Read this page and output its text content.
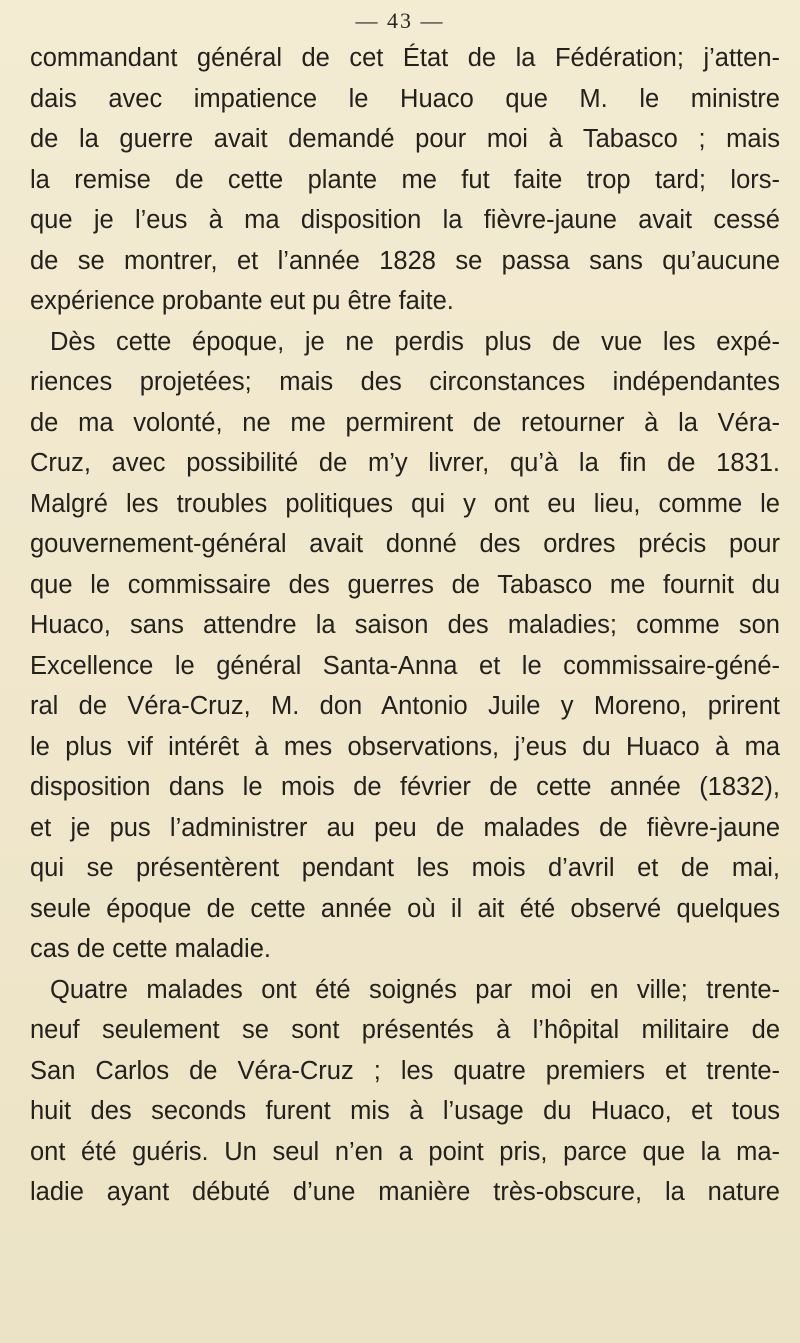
— 43 —
commandant général de cet État de la Fédération; j’atten-
dais avec impatience le Huaco que M. le ministre
de la guerre avait demandé pour moi à Tabasco ; mais
la remise de cette plante me fut faite trop tard; lors-
que je l’eus à ma disposition la fièvre-jaune avait cessé
de se montrer, et l’année 1828 se passa sans qu’aucune
expérience probante eut pu être faite.
Dès cette époque, je ne perdis plus de vue les expé-
riences projetées; mais des circonstances indépendantes
de ma volonté, ne me permirent de retourner à la Véra-
Cruz, avec possibilité de m’y livrer, qu’à la fin de 1831.
Malgré les troubles politiques qui y ont eu lieu, comme le
gouvernement-général avait donné des ordres précis pour
que le commissaire des guerres de Tabasco me fournit du
Huaco, sans attendre la saison des maladies; comme son
Excellence le général Santa-Anna et le commissaire-géné-
ral de Véra-Cruz, M. don Antonio Juile y Moreno, prirent
le plus vif intérêt à mes observations, j’eus du Huaco à ma
disposition dans le mois de février de cette année (1832),
et je pus l’administrer au peu de malades de fièvre-jaune
qui se présentèrent pendant les mois d’avril et de mai,
seule époque de cette année où il ait été observé quelques
cas de cette maladie.
Quatre malades ont été soignés par moi en ville; trente-
neuf seulement se sont présentés à l’hôpital militaire de
San Carlos de Véra-Cruz ; les quatre premiers et trente-
huit des seconds furent mis à l’usage du Huaco, et tous
ont été guéris. Un seul n’en a point pris, parce que la ma-
ladie ayant débuté d’une manière très-obscure, la nature
